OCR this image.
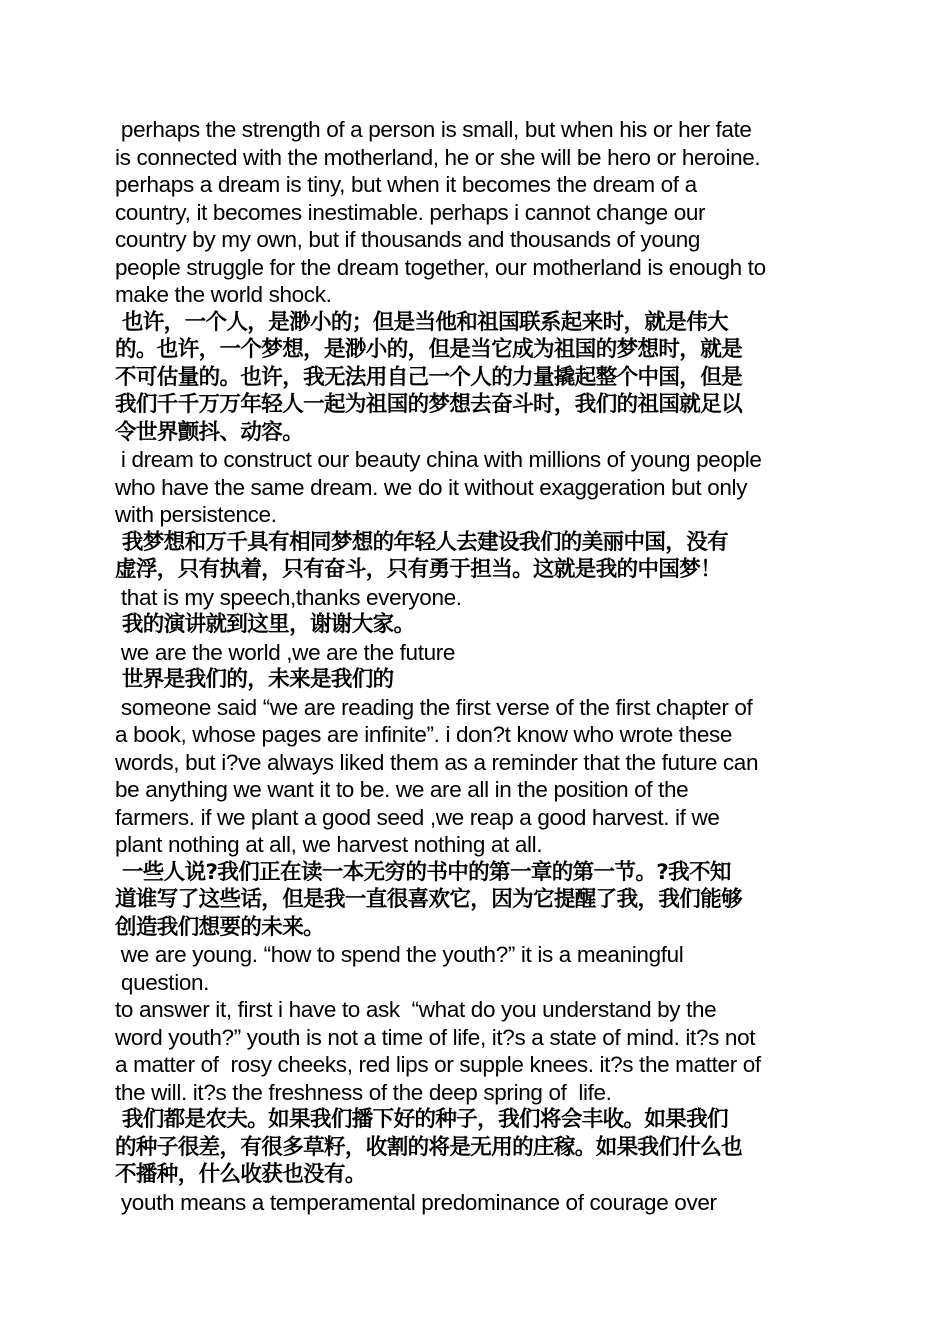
perhaps the strength of a person is small, but when his or her fate
is connected with the motherland, he or she will be hero or heroine.
perhaps a dream is tiny, but when it becomes the dream of a
country, it becomes inestimable. perhaps i cannot change our
country by my own, but if thousands and thousands of young
people struggle for the dream together, our motherland is enough to
make the world shock.
也许，一个人，是渺小的；但是当他和祖国联系起来时，就是伟大
的。也许，一个梦想，是渺小的，但是当它成为祖国的梦想时，就是
不可估量的。也许，我无法用自己一个人的力量撬起整个中国，但是
我们千千万万年轻人一起为祖国的梦想去奋斗时，我们的祖国就足以
令世界颤抖、动容。
i dream to construct our beauty china with millions of young people
who have the same dream. we do it without exaggeration but only
with persistence.
我梦想和万千具有相同梦想的年轻人去建设我们的美丽中国，没有
虚浮，只有执着，只有奋斗，只有勇于担当。这就是我的中国梦！
that is my speech,thanks everyone.
我的演讲就到这里，谢谢大家。
we are the world ,we are the future
世界是我们的，未来是我们的
someone said “we are reading the first verse of the first chapter of
a book, whose pages are infinite”. i don?t know who wrote these
words, but i?ve always liked them as a reminder that the future can
be anything we want it to be. we are all in the position of the
farmers. if we plant a good seed ,we reap a good harvest. if we
plant nothing at all, we harvest nothing at all.
一些人说?我们正在读一本无穷的书中的第一章的第一节。?我不知
道谁写了这些话，但是我一直很喜欢它，因为它提醒了我，我们能够
创造我们想要的未来。
we are young. “how to spend the youth?” it is a meaningful
question.
to answer it, first i have to ask  “what do you understand by the
word youth?” youth is not a time of life, it?s a state of mind. it?s not
a matter of  rosy cheeks, red lips or supple knees. it?s the matter of
the will. it?s the freshness of the deep spring of  life.
我们都是农夫。如果我们播下好的种子，我们将会丰收。如果我们
的种子很差，有很多草籽，收割的将是无用的庄稼。如果我们什么也
不播种，什么收获也没有。
youth means a temperamental predominance of courage over
